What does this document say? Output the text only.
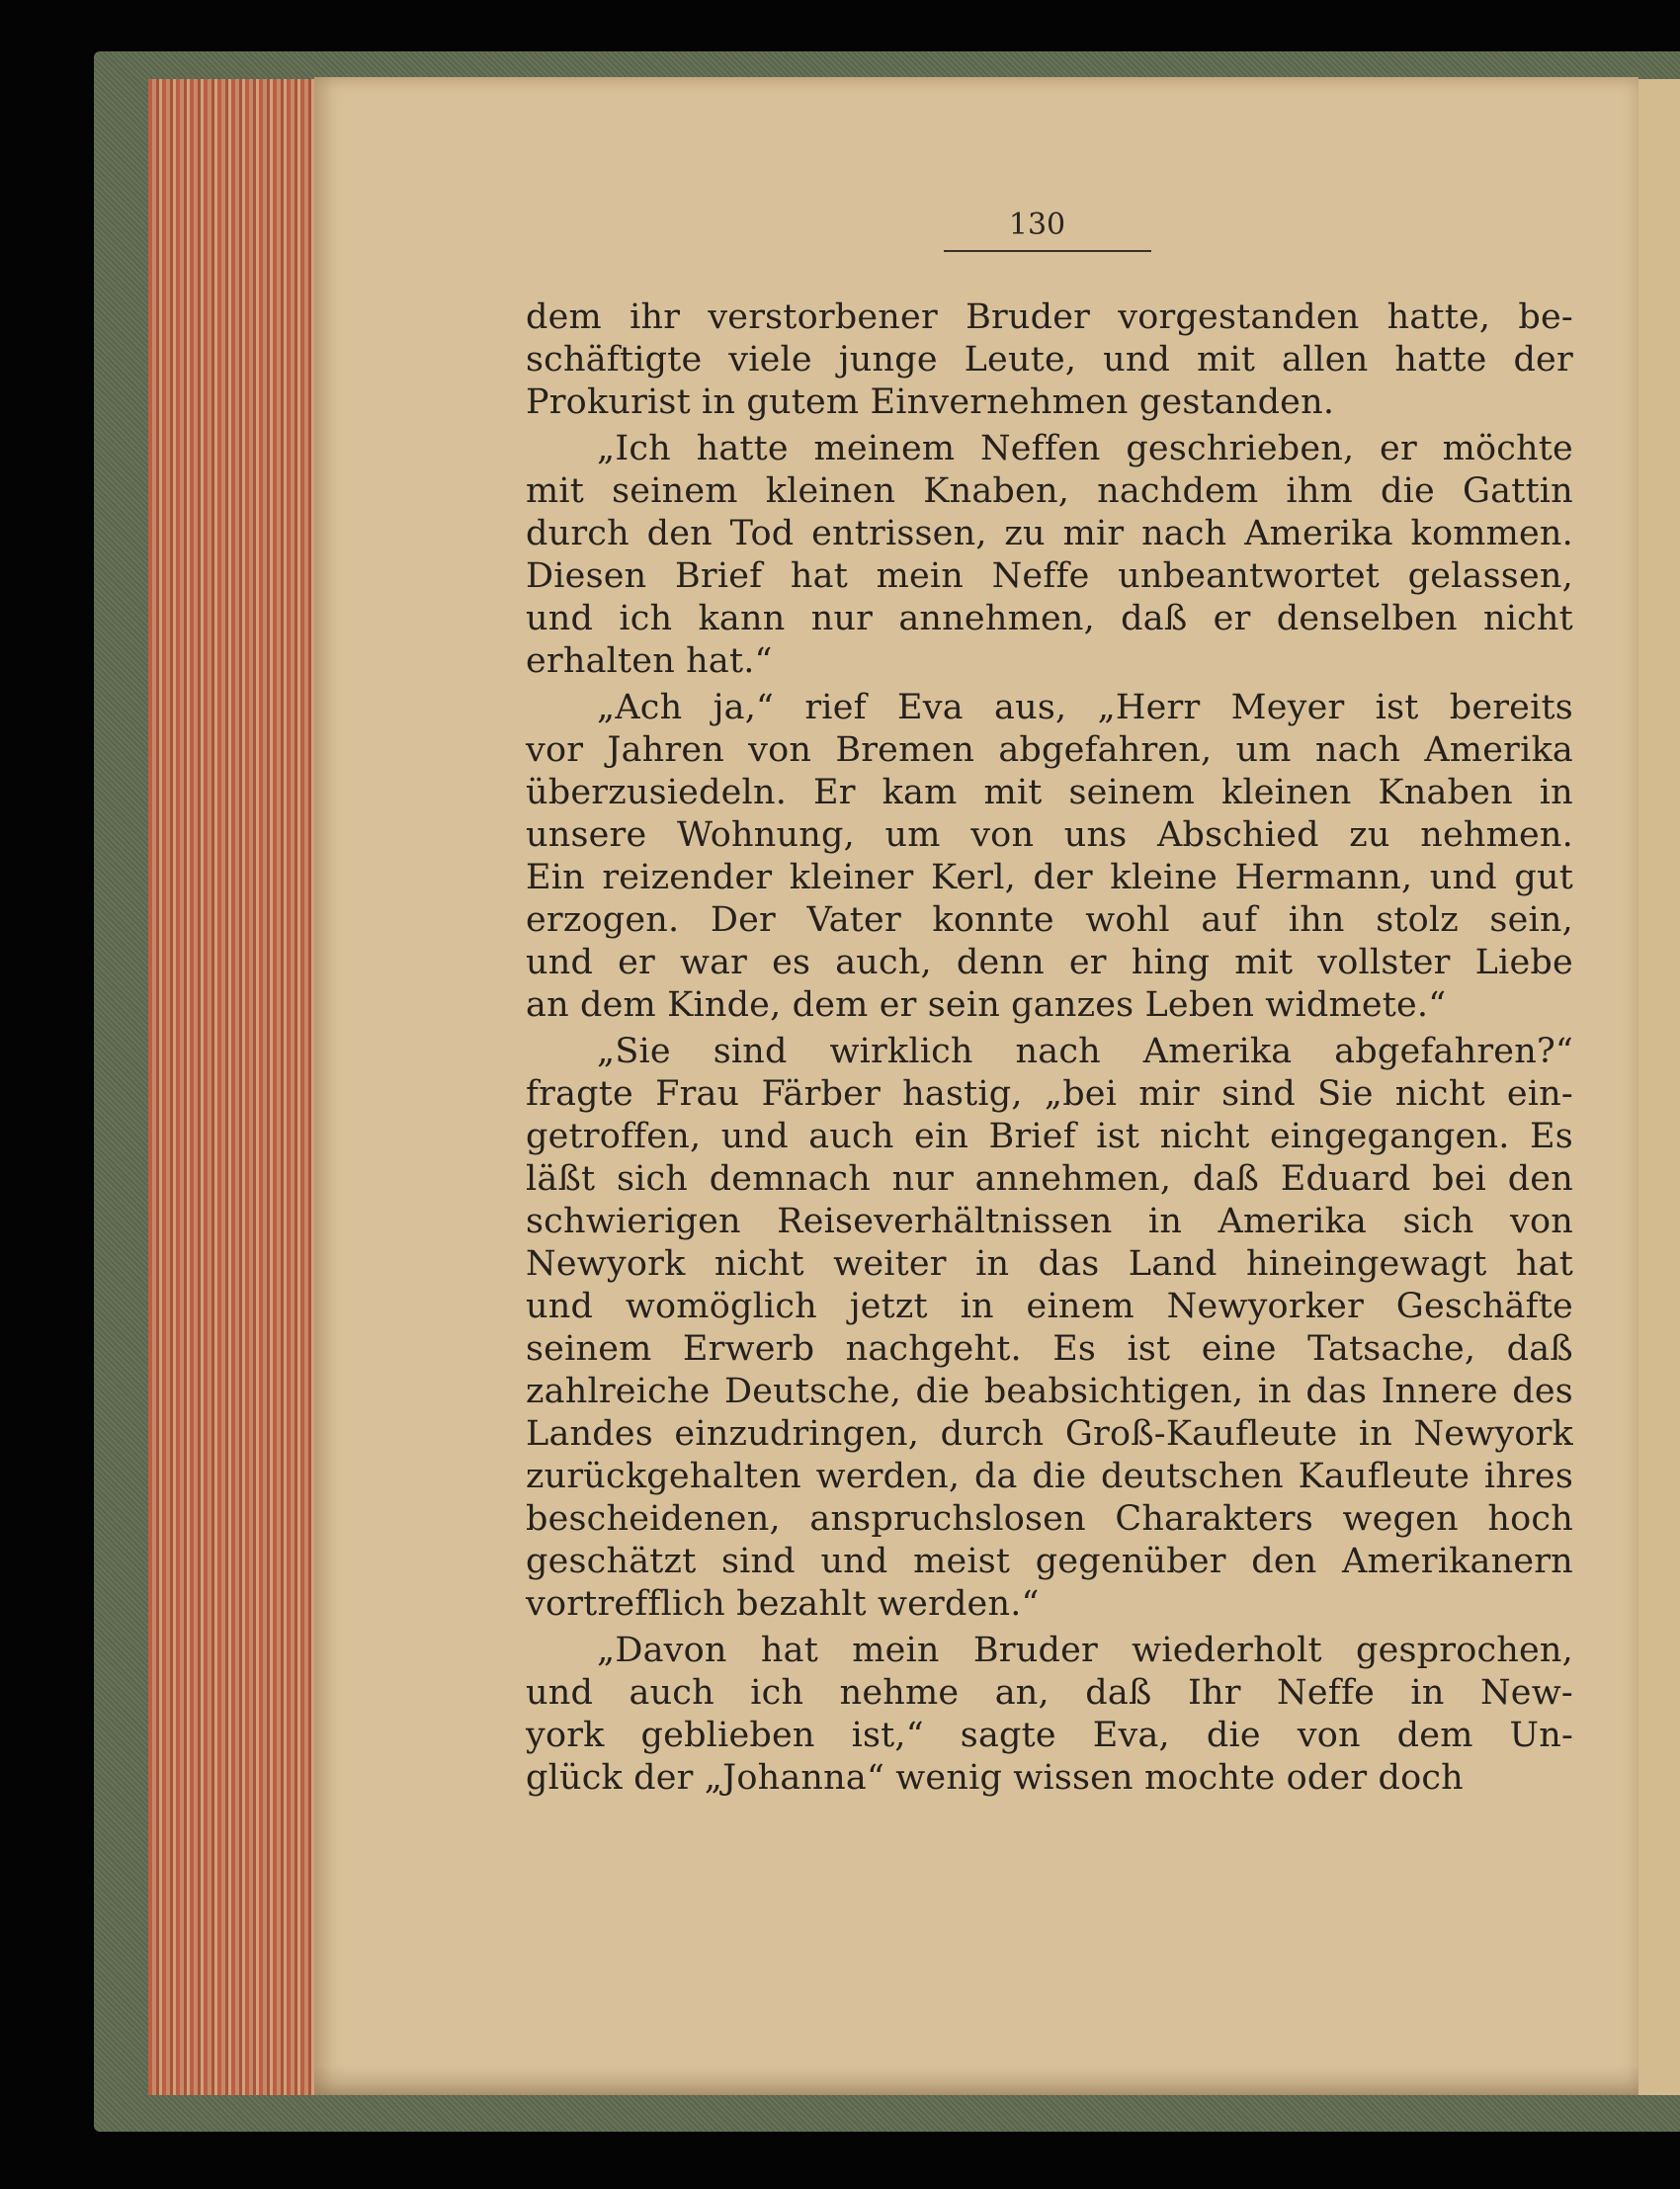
130
dem ihr verstorbener Bruder vorgestanden hatte, be-
schäftigte viele junge Leute, und mit allen hatte der
Prokurist in gutem Einvernehmen gestanden.
„Ich hatte meinem Neffen geschrieben, er möchte
mit seinem kleinen Knaben, nachdem ihm die Gattin
durch den Tod entrissen, zu mir nach Amerika kommen.
Diesen Brief hat mein Neffe unbeantwortet gelassen,
und ich kann nur annehmen, daß er denselben nicht
erhalten hat.“
„Ach ja,“ rief Eva aus, „Herr Meyer ist bereits
vor Jahren von Bremen abgefahren, um nach Amerika
überzusiedeln. Er kam mit seinem kleinen Knaben in
unsere Wohnung, um von uns Abschied zu nehmen.
Ein reizender kleiner Kerl, der kleine Hermann, und gut
erzogen. Der Vater konnte wohl auf ihn stolz sein,
und er war es auch, denn er hing mit vollster Liebe
an dem Kinde, dem er sein ganzes Leben widmete.“
„Sie sind wirklich nach Amerika abgefahren?“
fragte Frau Färber hastig, „bei mir sind Sie nicht ein-
getroffen, und auch ein Brief ist nicht eingegangen. Es
läßt sich demnach nur annehmen, daß Eduard bei den
schwierigen Reiseverhältnissen in Amerika sich von
Newyork nicht weiter in das Land hineingewagt hat
und womöglich jetzt in einem Newyorker Geschäfte
seinem Erwerb nachgeht. Es ist eine Tatsache, daß
zahlreiche Deutsche, die beabsichtigen, in das Innere des
Landes einzudringen, durch Groß-Kaufleute in Newyork
zurückgehalten werden, da die deutschen Kaufleute ihres
bescheidenen, anspruchslosen Charakters wegen hoch
geschätzt sind und meist gegenüber den Amerikanern
vortrefflich bezahlt werden.“
„Davon hat mein Bruder wiederholt gesprochen,
und auch ich nehme an, daß Ihr Neffe in New-
york geblieben ist,“ sagte Eva, die von dem Un-
glück der „Johanna“ wenig wissen mochte oder doch
